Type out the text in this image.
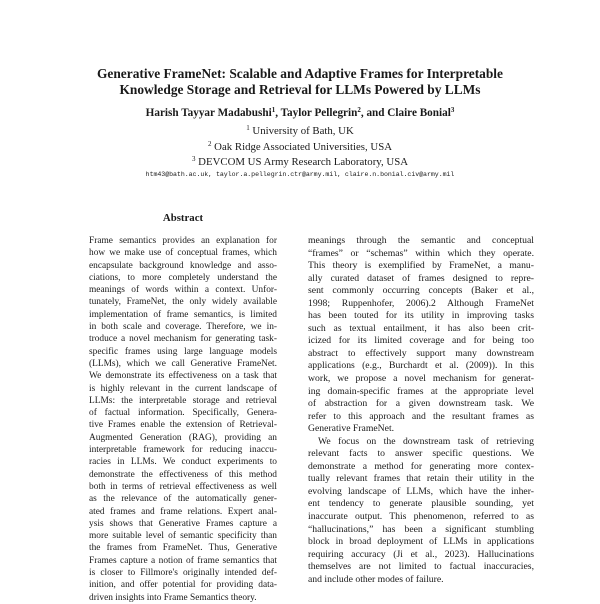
Generative FrameNet: Scalable and Adaptive Frames for Interpretable
Knowledge Storage and Retrieval for LLMs Powered by LLMs
Harish Tayyar Madabushi$^1$, Taylor Pellegrin$^2$, and Claire Bonial$^3$
$^1$ University of Bath, UK
$^2$ Oak Ridge Associated Universities, USA
$^3$ DEVCOM US Army Research Laboratory, USA
htm43@bath.ac.uk, taylor.a.pellegrin.ctr@army.mil, claire.n.bonial.civ@army.mil
Abstract
Frame semantics provides an explanation for
how we make use of conceptual frames, which
encapsulate background knowledge and asso-
ciations, to more completely understand the
meanings of words within a context. Unfor-
tunately, FrameNet, the only widely available
implementation of frame semantics, is limited
in both scale and coverage. Therefore, we in-
troduce a novel mechanism for generating task-
specific frames using large language models
(LLMs), which we call Generative FrameNet.
We demonstrate its effectiveness on a task that
is highly relevant in the current landscape of
LLMs: the interpretable storage and retrieval
of factual information. Specifically, Genera-
tive Frames enable the extension of Retrieval-
Augmented Generation (RAG), providing an
interpretable framework for reducing inaccu-
racies in LLMs. We conduct experiments to
demonstrate the effectiveness of this method
both in terms of retrieval effectiveness as well
as the relevance of the automatically gener-
ated frames and frame relations. Expert anal-
ysis shows that Generative Frames capture a
more suitable level of semantic specificity than
the frames from FrameNet. Thus, Generative
Frames capture a notion of frame semantics that
is closer to Fillmore's originally intended def-
inition, and offer potential for providing data-
driven insights into Frame Semantics theory.
meanings through the semantic and conceptual
“frames” or “schemas” within which they operate.
This theory is exemplified by FrameNet, a manu-
ally curated dataset of frames designed to repre-
sent commonly occurring concepts (Baker et al.,
1998; Ruppenhofer, 2006).2 Although FrameNet
has been touted for its utility in improving tasks
such as textual entailment, it has also been crit-
icized for its limited coverage and for being too
abstract to effectively support many downstream
applications (e.g., Burchardt et al. (2009)). In this
work, we propose a novel mechanism for generat-
ing domain-specific frames at the appropriate level
of abstraction for a given downstream task. We
refer to this approach and the resultant frames as
Generative FrameNet.
We focus on the downstream task of retrieving
relevant facts to answer specific questions. We
demonstrate a method for generating more contex-
tually relevant frames that retain their utility in the
evolving landscape of LLMs, which have the inher-
ent tendency to generate plausible sounding, yet
inaccurate output. This phenomenon, referred to as
“hallucinations,” has been a significant stumbling
block in broad deployment of LLMs in applications
requiring accuracy (Ji et al., 2023). Hallucinations
themselves are not limited to factual inaccuracies,
and include other modes of failure.
